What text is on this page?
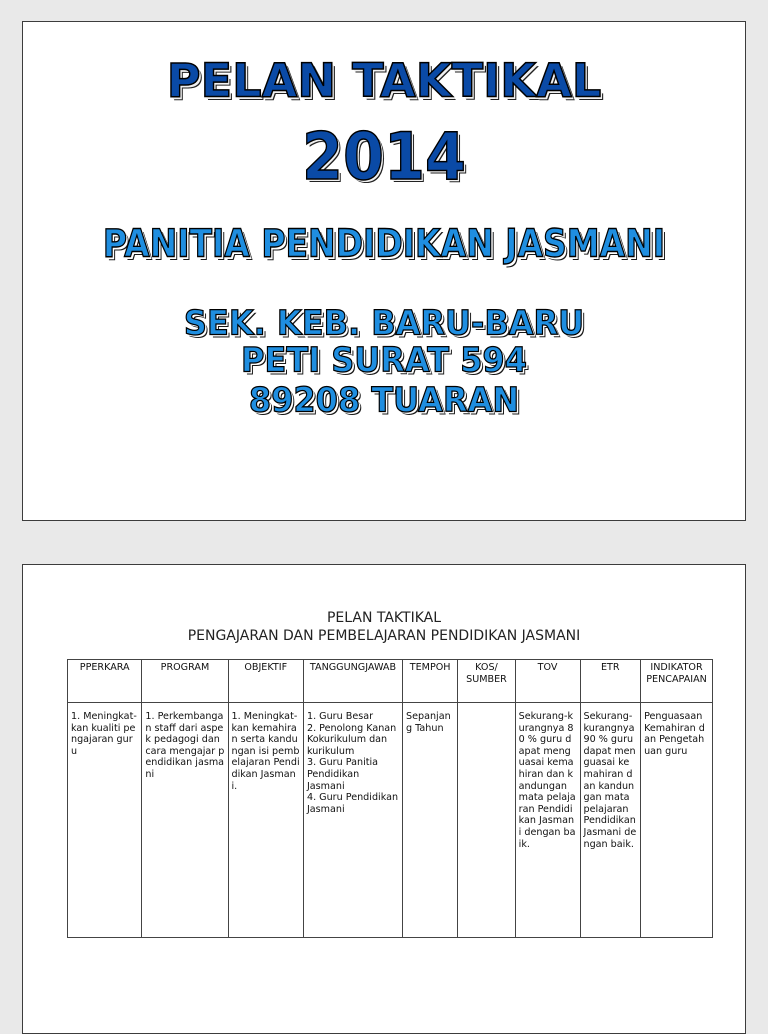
PELAN TAKTIKAL
2014
PANITIA PENDIDIKAN JASMANI
SEK. KEB. BARU-BARU
PETI SURAT 594
89208 TUARAN
PELAN TAKTIKAL
PENGAJARAN DAN PEMBELAJARAN PENDIDIKAN JASMANI
PPERKARA	PROGRAM	OBJEKTIF	TANGGUNGJAWAB	TEMPOH	KOS/ SUMBER	TOV	ETR	INDIKATOR PENCAPAIAN
1. Meningkat-kan kualiti pengajaran guru	1. Perkembangan staff dari aspek pedagogi dan cara mengajar pendidikan jasmani	1. Meningkat-kan kemahiran serta kandungan isi pembelajaran Pendidikan Jasmani.	1. Guru Besar
2. Penolong Kanan Kokurikulum dan kurikulum
3. Guru Panitia Pendidikan Jasmani
4. Guru Pendidikan Jasmani	Sepanjang Tahun		Sekurang-kurangnya 80 % guru dapat menguasai kemahiran dan kandungan mata pelajaran Pendidikan Jasmani dengan baik.	Sekurang-kurangnya 90 % guru dapat menguasai kemahiran dan kandungan mata pelajaran Pendidikan Jasmani dengan baik.	Penguasaan Kemahiran dan Pengetahuan guru
